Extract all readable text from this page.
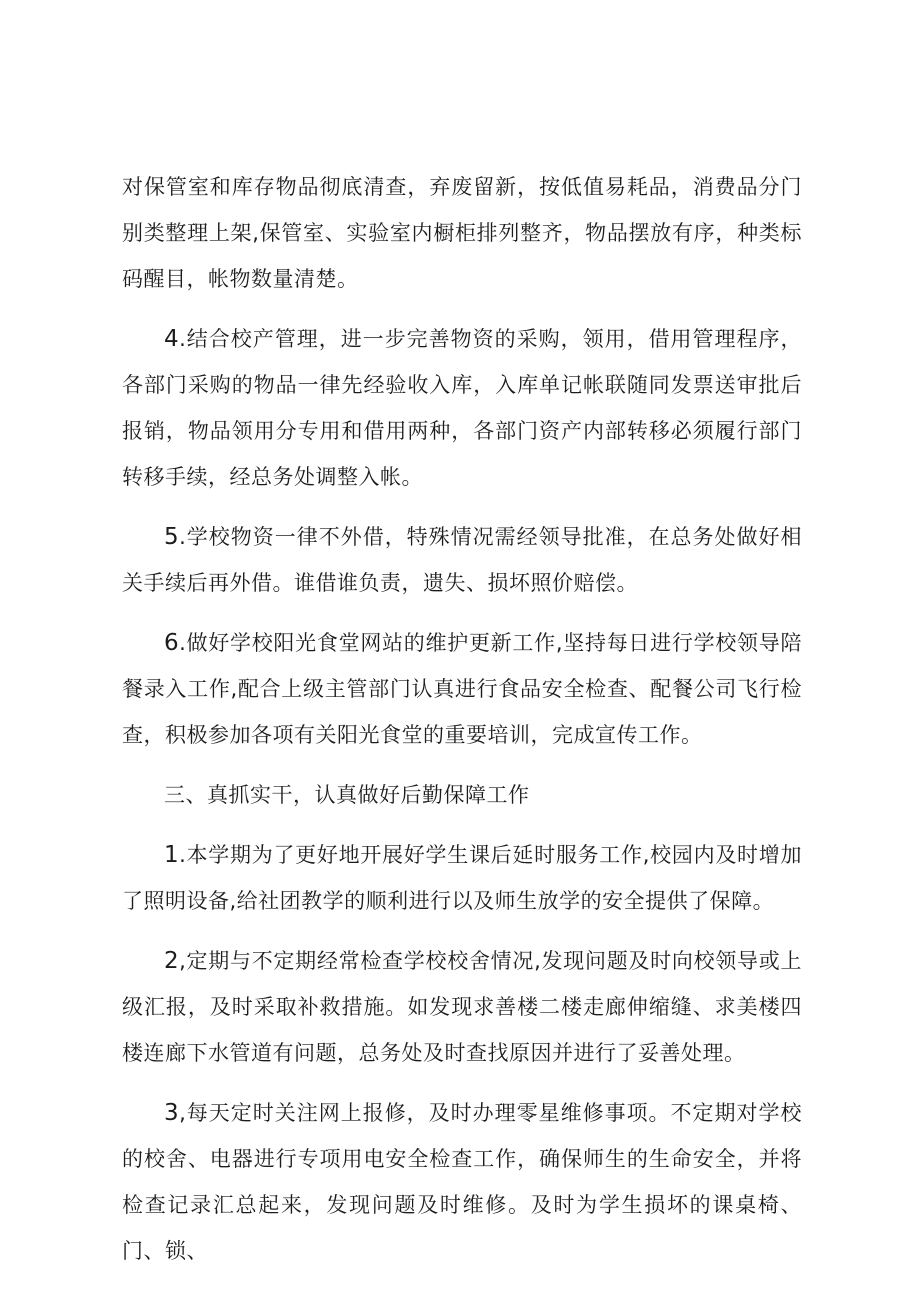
对保管室和库存物品彻底清查，弃废留新，按低值易耗品，消费品分门别类整理上架,保管室、实验室内橱柜排列整齐，物品摆放有序，种类标码醒目，帐物数量清楚。

4.结合校产管理，进一步完善物资的采购，领用，借用管理程序，各部门采购的物品一律先经验收入库，入库单记帐联随同发票送审批后报销，物品领用分专用和借用两种，各部门资产内部转移必须履行部门转移手续，经总务处调整入帐。

5.学校物资一律不外借，特殊情况需经领导批准，在总务处做好相关手续后再外借。谁借谁负责，遗失、损坏照价赔偿。

6.做好学校阳光食堂网站的维护更新工作,坚持每日进行学校领导陪餐录入工作,配合上级主管部门认真进行食品安全检查、配餐公司飞行检查，积极参加各项有关阳光食堂的重要培训，完成宣传工作。

三、真抓实干，认真做好后勤保障工作

1.本学期为了更好地开展好学生课后延时服务工作,校园内及时增加了照明设备,给社团教学的顺利进行以及师生放学的安全提供了保障。

2,定期与不定期经常检查学校校舍情况,发现问题及时向校领导或上级汇报，及时采取补救措施。如发现求善楼二楼走廊伸缩缝、求美楼四楼连廊下水管道有问题，总务处及时查找原因并进行了妥善处理。

3,每天定时关注网上报修，及时办理零星维修事项。不定期对学校的校舍、电器进行专项用电安全检查工作，确保师生的生命安全，并将检查记录汇总起来，发现问题及时维修。及时为学生损坏的课桌椅、门、锁、
